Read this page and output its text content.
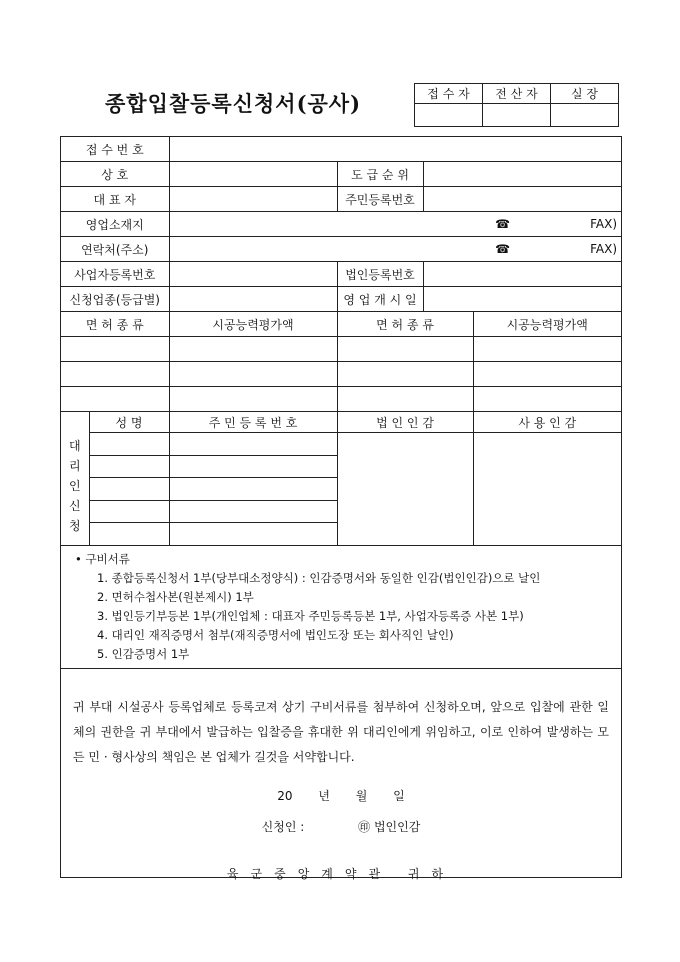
종합입찰등록신청서(공사)	접 수 자	전 산 자	실 장

접 수 번 호			
상 호		도 급 순 위	
대 표 자		주민등록번호	
영업소재지	☎ FAX)		
연락처(주소)	☎ FAX)		
사업자등록번호		법인등록번호	
신청업종(등급별)		영 업 개 시 일	
면 허 종 류	시공능력평가액	면 허 종 류	시공능력평가액

대리인신청	성 명	주 민 등 록 번 호	법 인 인 감	사 용 인 감

• 구비서류
1. 종합등록신청서 1부(당부대소정양식) : 인감증명서와 동일한 인감(법인인감)으로 날인
2. 면허수첩사본(원본제시) 1부
3. 법인등기부등본 1부(개인업체 : 대표자 주민등록등본 1부, 사업자등록증 사본 1부)
4. 대리인 재직증명서 첨부(재직증명서에 법인도장 또는 회사직인 날인)
5. 인감증명서 1부
귀 부대 시설공사 등록업체로 등록코져 상기 구비서류를 첨부하여 신청하오며, 앞으로 입찰에 관한 일체의 권한을 귀 부대에서 발급하는 입찰증을 휴대한 위 대리인에게 위임하고, 이로 인하여 발생하는 모든 민 · 형사상의 책임은 본 업체가 길것을 서약합니다.
20 년 월 일
신청인 :	㊞ 법인인감
육군중앙계약관 귀하
